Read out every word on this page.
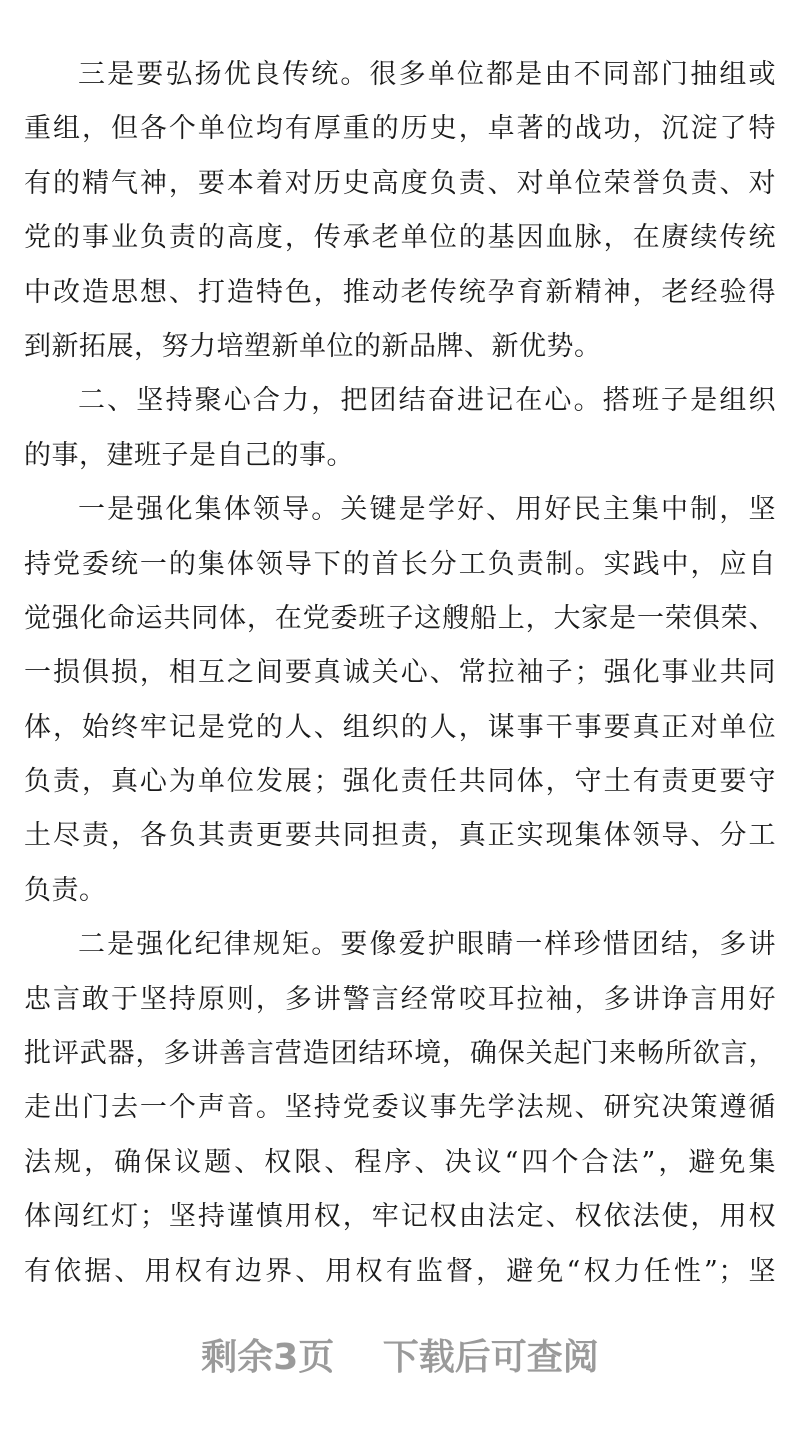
三是要弘扬优良传统。很多单位都是由不同部门抽组或
重组，但各个单位均有厚重的历史，卓著的战功，沉淀了特
有的精气神，要本着对历史高度负责、对单位荣誉负责、对
党的事业负责的高度，传承老单位的基因血脉，在赓续传统
中改造思想、打造特色，推动老传统孕育新精神，老经验得
到新拓展，努力培塑新单位的新品牌、新优势。
二、坚持聚心合力，把团结奋进记在心。搭班子是组织
的事，建班子是自己的事。
一是强化集体领导。关键是学好、用好民主集中制，坚
持党委统一的集体领导下的首长分工负责制。实践中，应自
觉强化命运共同体，在党委班子这艘船上，大家是一荣俱荣、
一损俱损，相互之间要真诚关心、常拉袖子；强化事业共同
体，始终牢记是党的人、组织的人，谋事干事要真正对单位
负责，真心为单位发展；强化责任共同体，守土有责更要守
土尽责，各负其责更要共同担责，真正实现集体领导、分工
负责。
二是强化纪律规矩。要像爱护眼睛一样珍惜团结，多讲
忠言敢于坚持原则，多讲警言经常咬耳拉袖，多讲诤言用好
批评武器，多讲善言营造团结环境，确保关起门来畅所欲言，
走出门去一个声音。坚持党委议事先学法规、研究决策遵循
法规，确保议题、权限、程序、决议“四个合法”，避免集
体闯红灯；坚持谨慎用权，牢记权由法定、权依法使，用权
有依据、用权有边界、用权有监督，避免“权力任性”；坚
剩余3页 下载后可查阅
